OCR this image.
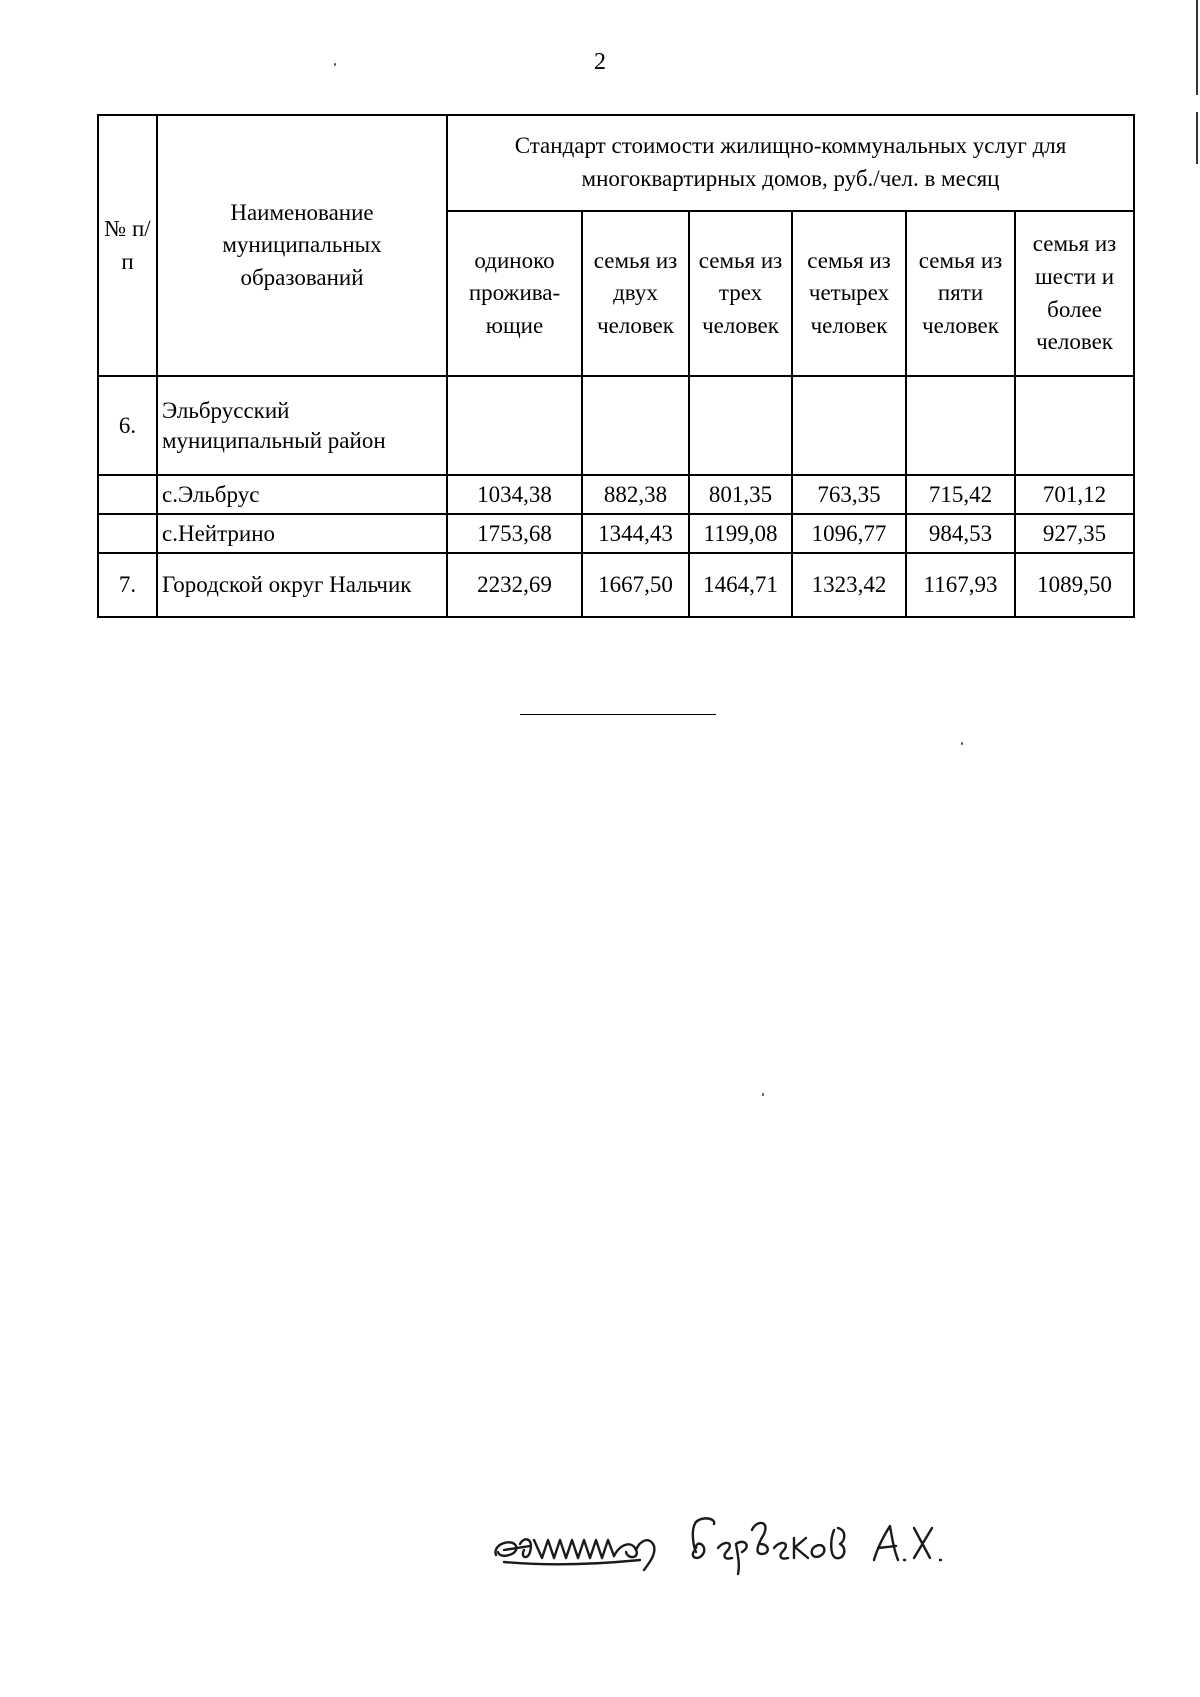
2
№ п/п	Наименование муниципальных образований	Стандарт стоимости жилищно-коммунальных услуг для многоквартирных домов, руб./чел. в месяц					
		одиноко прожива-ющие	семья из двух человек	семья из трех человек	семья из четырех человек	семья из пяти человек	семья из шести и более человек
6.	Эльбрусский муниципальный район						
	с.Эльбрус	1034,38	882,38	801,35	763,35	715,42	701,12
	с.Нейтрино	1753,68	1344,43	1199,08	1096,77	984,53	927,35
7.	Городской округ Нальчик	2232,69	1667,50	1464,71	1323,42	1167,93	1089,50
